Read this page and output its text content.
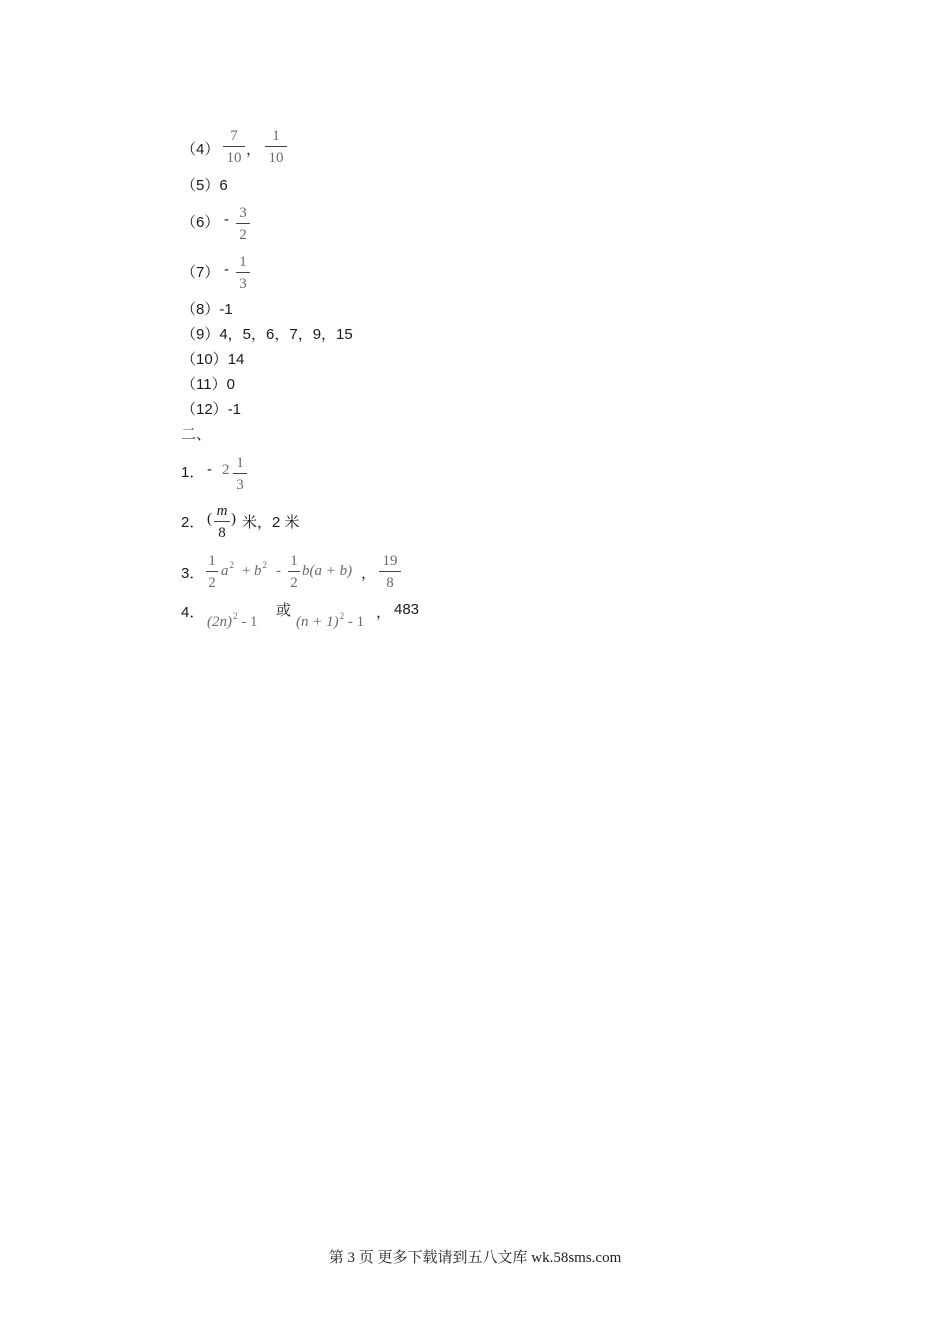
（4）
7
10 ，
1
10
（5）6
（6） - 3
2
（7） - 1
3
（8）-1
（9）4，5，6，7，9，15
（10）14
（11）0
（12）-1
二、
1． - 2 1
3
2． ( m
8
) 米，2 米
3．
1
2
$a^2 + b^2$ -
1
2
b(a + b) ，
19
8
4．
$(2n)^2 - 1$
或
$(n + 1)^2 - 1$
， 483
第 3 页 更多下载请到五八文库 wk.58sms.com
